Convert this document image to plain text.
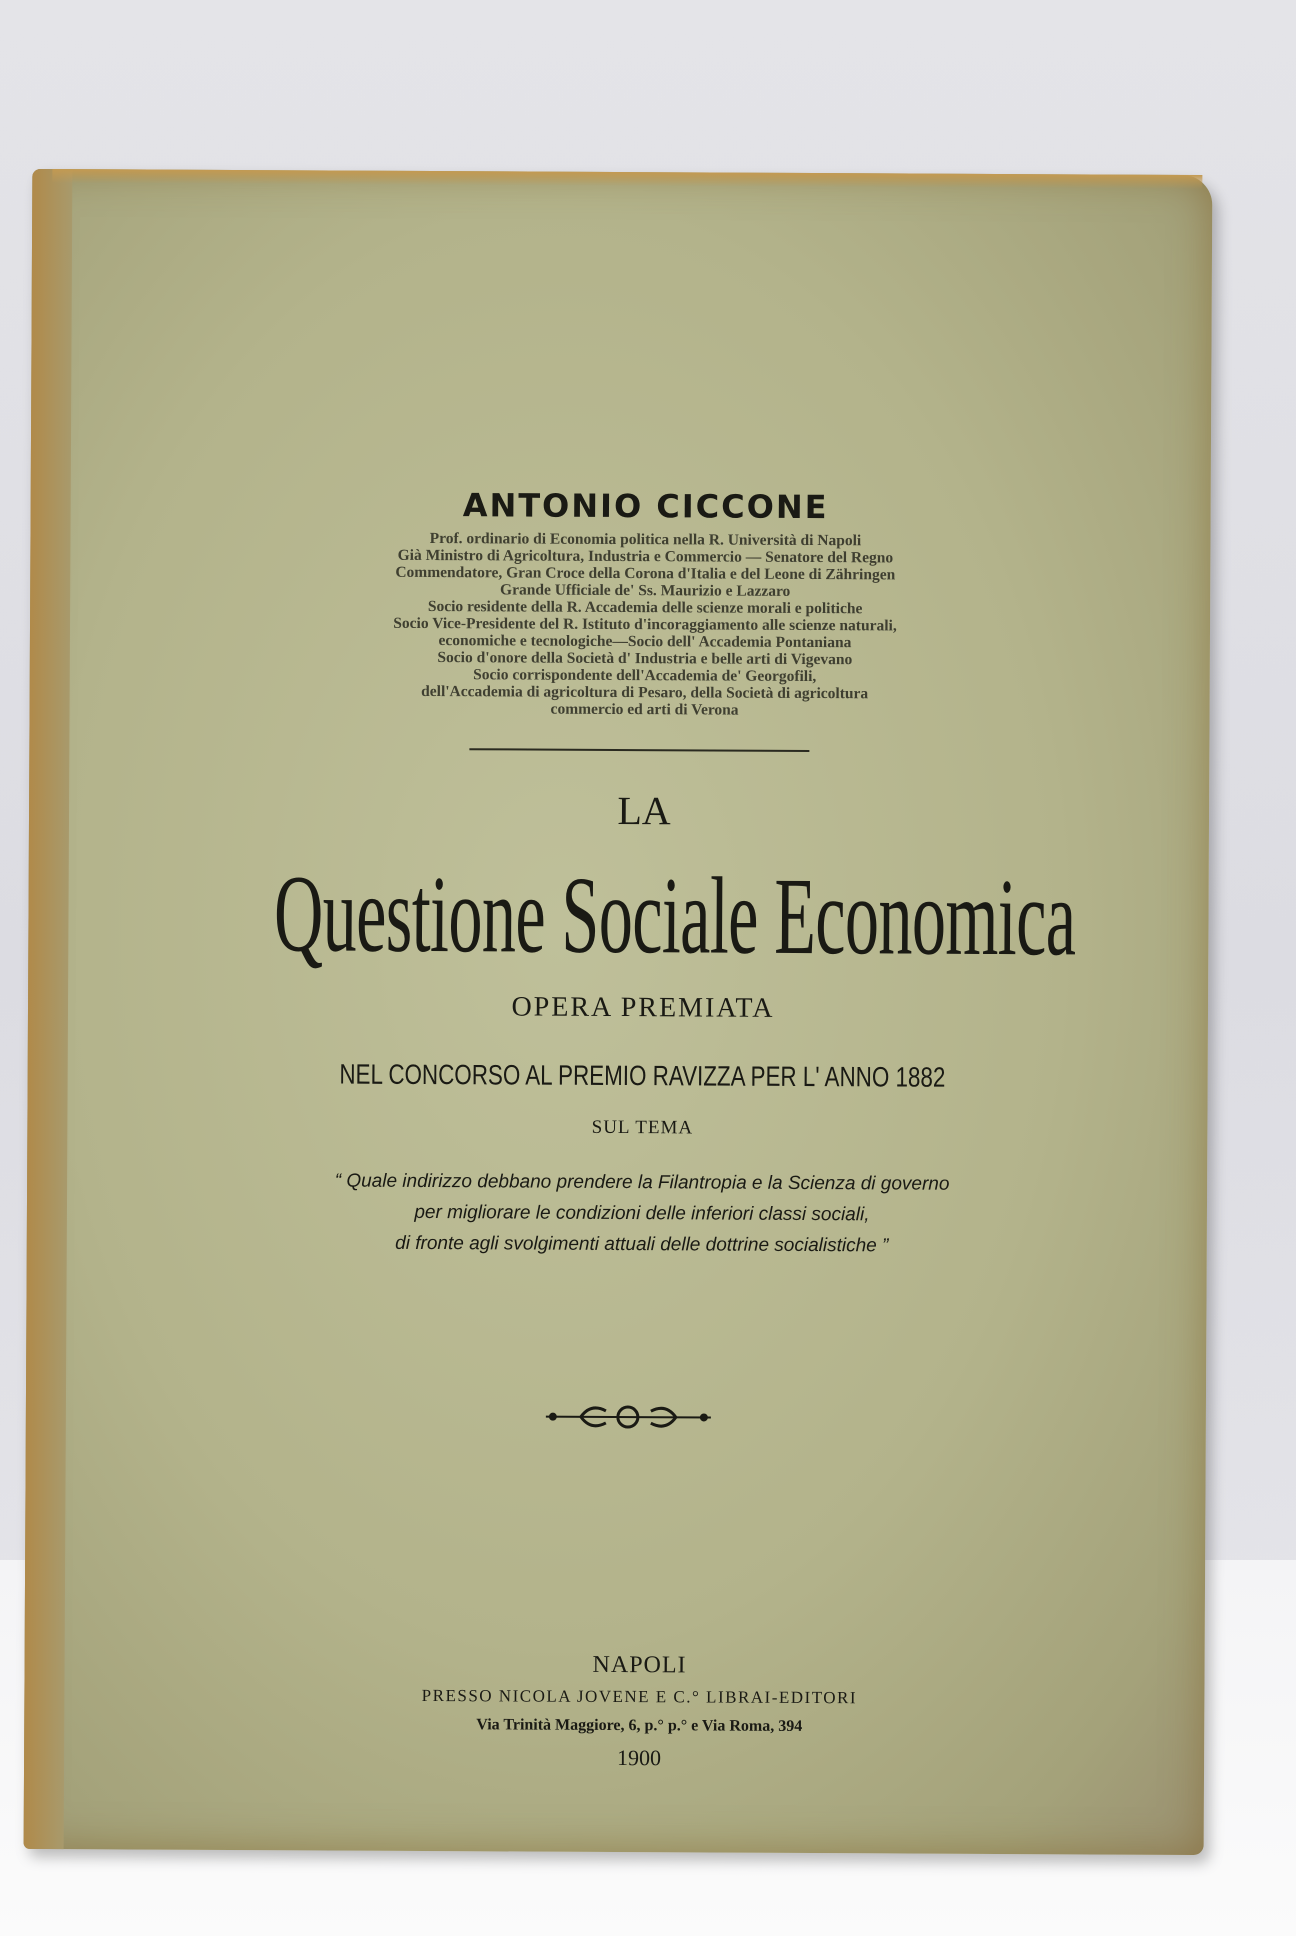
ANTONIO CICCONE
Prof. ordinario di Economia politica nella R. Università di Napoli
Già Ministro di Agricoltura, Industria e Commercio — Senatore del Regno
Commendatore, Gran Croce della Corona d'Italia e del Leone di Zähringen
Grande Ufficiale de' Ss. Maurizio e Lazzaro
Socio residente della R. Accademia delle scienze morali e politiche
Socio Vice-Presidente del R. Istituto d'incoraggiamento alle scienze naturali,
economiche e tecnologiche—Socio dell' Accademia Pontaniana
Socio d'onore della Società d' Industria e belle arti di Vigevano
Socio corrispondente dell'Accademia de' Georgofili,
dell'Accademia di agricoltura di Pesaro, della Società di agricoltura
commercio ed arti di Verona
LA
Questione Sociale Economica
OPERA PREMIATA
NEL CONCORSO AL PREMIO RAVIZZA PER L' ANNO 1882
SUL TEMA
“ Quale indirizzo debbano prendere la Filantropia e la Scienza di governo
per migliorare le condizioni delle inferiori classi sociali,
di fronte agli svolgimenti attuali delle dottrine socialistiche ”
NAPOLI
PRESSO NICOLA JOVENE E C.° LIBRAI-EDITORI
Via Trinità Maggiore, 6, p.° p.° e Via Roma, 394
1900
